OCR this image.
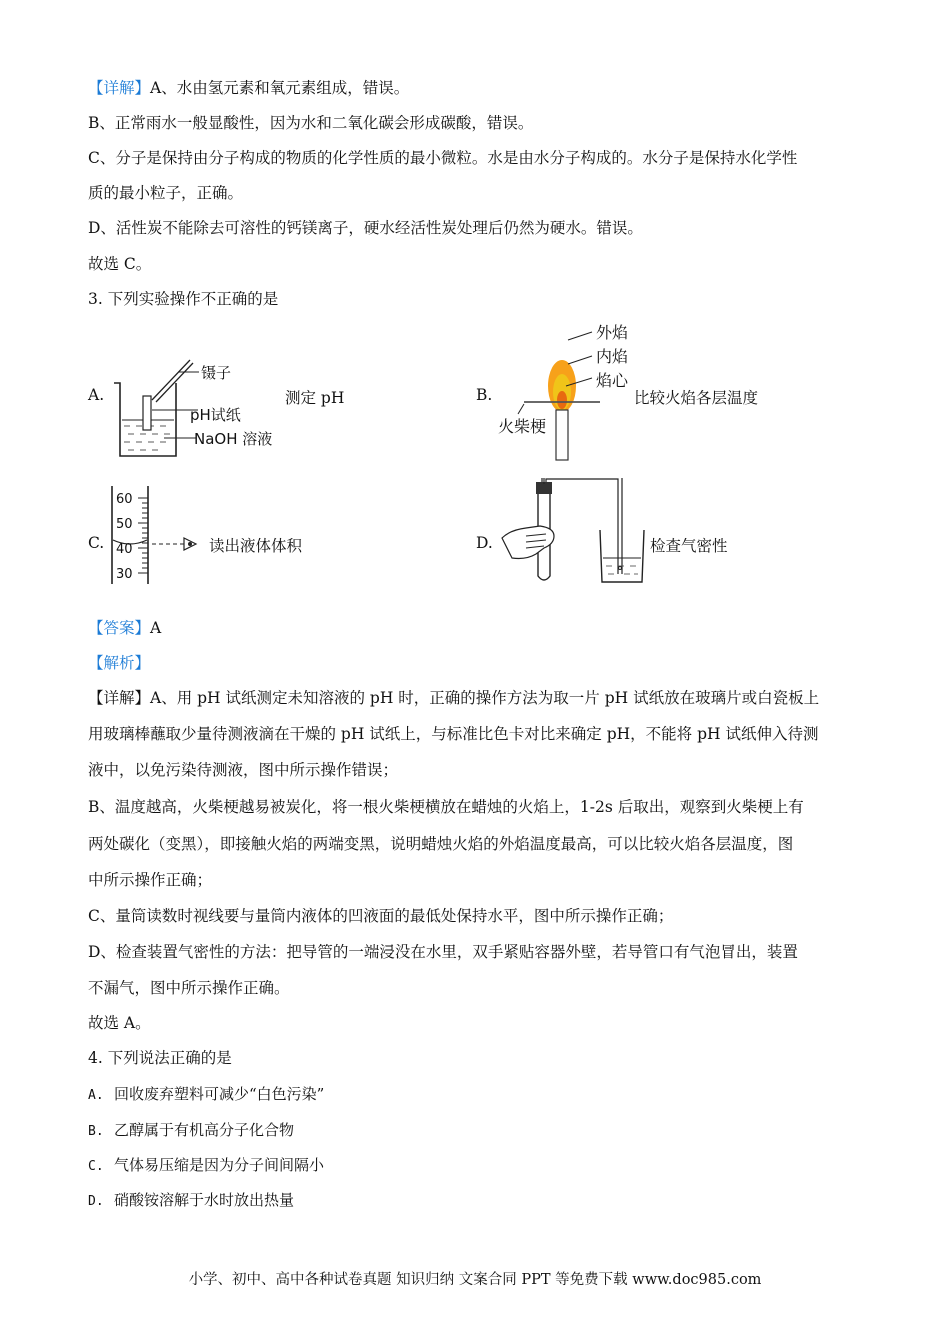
【详解】A、水由氢元素和氧元素组成，错误。
B、正常雨水一般显酸性，因为水和二氧化碳会形成碳酸，错误。
C、分子是保持由分子构成的物质的化学性质的最小微粒。水是由水分子构成的。水分子是保持水化学性
质的最小粒子，正确。
D、活性炭不能除去可溶性的钙镁离子，硬水经活性炭处理后仍然为硬水。错误。
故选 C。
3. 下列实验操作不正确的是
A.
镊子
pH试纸
NaOH 溶液
测定 pH	B.
外焰
内焰
焰心
火柴梗
比较火焰各层温度
C.
60
50
40
30
读出液体体积	D.	检查气密性
【答案】A
【解析】
【详解】A、用 pH 试纸测定未知溶液的 pH 时，正确的操作方法为取一片 pH 试纸放在玻璃片或白瓷板上
用玻璃棒蘸取少量待测液滴在干燥的 pH 试纸上，与标准比色卡对比来确定 pH，不能将 pH 试纸伸入待测
液中，以免污染待测液，图中所示操作错误；
B、温度越高，火柴梗越易被炭化，将一根火柴梗横放在蜡烛的火焰上，1-2s 后取出，观察到火柴梗上有
两处碳化（变黑），即接触火焰的两端变黑，说明蜡烛火焰的外焰温度最高，可以比较火焰各层温度，图
中所示操作正确；
C、量筒读数时视线要与量筒内液体的凹液面的最低处保持水平，图中所示操作正确；
D、检查装置气密性的方法：把导管的一端浸没在水里，双手紧贴容器外壁，若导管口有气泡冒出，装置
不漏气，图中所示操作正确。
故选 A。
4. 下列说法正确的是
A. 回收废弃塑料可减少“白色污染”
B. 乙醇属于有机高分子化合物
C. 气体易压缩是因为分子间间隔小
D. 硝酸铵溶解于水时放出热量
小学、初中、高中各种试卷真题 知识归纳 文案合同 PPT 等免费下载 www.doc985.com
